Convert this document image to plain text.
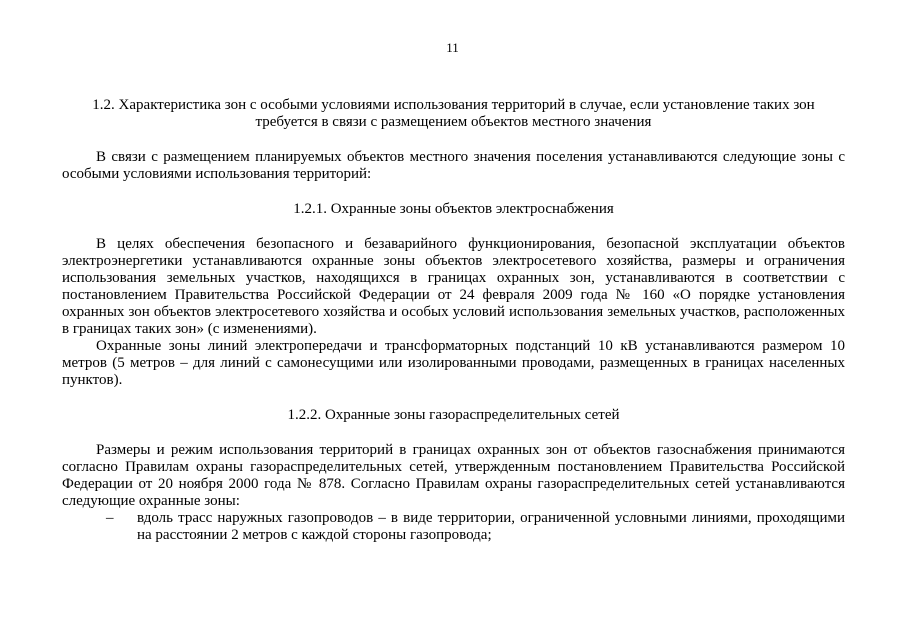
11
1.2. Характеристика зон с особыми условиями использования территорий в случае, если установление таких зон требуется в связи с размещением объектов местного значения

В связи с размещением планируемых объектов местного значения поселения устанавливаются следующие зоны с особыми условиями использования территорий:

1.2.1. Охранные зоны объектов электроснабжения

В целях обеспечения безопасного и безаварийного функционирования, безопасной эксплуатации объектов электроэнергетики устанавливаются охранные зоны объектов электросетевого хозяйства, размеры и ограничения использования земельных участков, находящихся в границах охранных зон, устанавливаются в соответствии с постановлением Правительства Российской Федерации от 24 февраля 2009 года № 160 «О порядке установления охранных зон объектов электросетевого хозяйства и особых условий использования земельных участков, расположенных в границах таких зон» (с изменениями).

Охранные зоны линий электропередачи и трансформаторных подстанций 10 кВ устанавливаются размером 10 метров (5 метров – для линий с самонесущими или изолированными проводами, размещенных в границах населенных пунктов).

1.2.2. Охранные зоны газораспределительных сетей

Размеры и режим использования территорий в границах охранных зон от объектов газоснабжения принимаются согласно Правилам охраны газораспределительных сетей, утвержденным постановлением Правительства Российской Федерации от 20 ноября 2000 года № 878. Согласно Правилам охраны газораспределительных сетей устанавливаются следующие охранные зоны:

– вдоль трасс наружных газопроводов – в виде территории, ограниченной условными линиями, проходящими на расстоянии 2 метров с каждой стороны газопровода;
